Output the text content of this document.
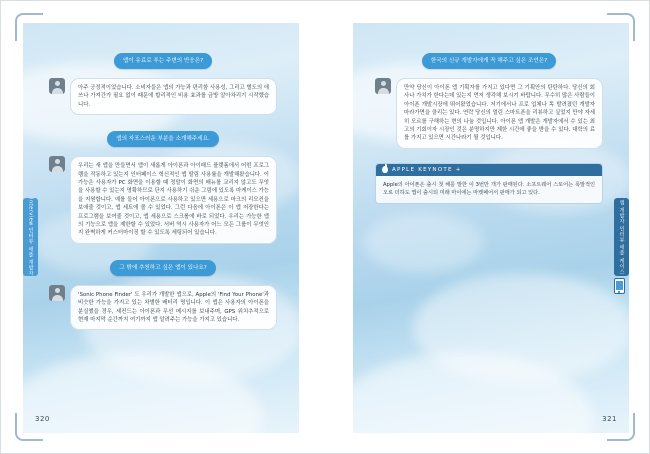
Interview 인터뷰 애플 개발자
앱이 유료로 푸는 주변의 반응은?
아주 긍정적이었습니다. 소비자들은 앱의 가능과 편리함 사용성, 그리고 별도의 애쓰나 가져간가 필요 없이 때문에 합리적인 비용 효과를 금방 알아차리기 시작했습니다.
앱의 자포스러운 부분을 소개해주세요.
우리는 새 앱을 만들면서 앱이 새롭게 아이폰과 아이패드 플랫폼에서 어떤 프로그램을 작동하고 있는지 인터페이스 혁신적인 앱 딸림 사용률을 개발해왔습니다. 이 가능은 사용자가 PC 화면을 이용할 때 정말이 화면의 배뉴를 교리지 않고도 무엇을 사용할 수 있는지 명확하므로 단지 사용하기 쉬운 그림에 있도록 마케이스 가능을 지원합니다. 예를 들어 아이폰으로 사용하고 있으면 세용으로 마크의 리모컨을 보애줄 것이고, 앱 세트에 볼 수 있었다. 그런 다음에 아이폰은 이 앱 저장한다는 프로그램을 보여줄 것이고, 앱 세용으로 스크롤에 바로 되었다. 우리는 가능한 앱의 기능으로 앱을 제한할 수 있었다. 서버 역시 사용자가 어느 모든 그룹이 무엇인지 완벽하게 커스터마이징 할 수 있도록 세팅되어 있습니다.
그 밖에 추천하고 싶은 앱이 있나요?
'Sonic Phone Finder' 도 우리가 개발한 앱으로, Apple의 'Find Your Phone'과 비슷한 가능을 가지고 있는 차별한 배터리 명입니다. 이 앱은 사용자의 아이폰을 분실했을 경우, 세컨드는 아이폰과 무선 메시지를 보내주며, GPS 위치추적으로 현재 마지막 순간까지 여기까지 앱 알려주는 가능을 가지고 있습니다.
320
앱 개발자 인터뷰 애플 케이스
한국의 신규 개발자에게 꼭 해주고 싶은 조언은?
만약 당신이 아이폰 앱 기획자를 가지고 있다면 그 기획안의 탄탄하다. 당신의 회사나 가치가 한다는데 있는지 먼저 생각해 보시기 바랍니다. 무수히 많은 사람들이 아이폰 개발시장에 뛰어왔었습니다. 저기에서나 프로 업체나 똑 발려졌던 개발자 마라가면을 클리는 있다. 연락 당신의 멀린 스마트폰을 리뷰하고 싶었지 만야 자세히 모르를 구해하는 현의 나눌 것입니다. 아이폰 앱 개발은 개발자에서 수 있는 최고의 기회이자 시장인 것은 분명하지만 제한 시간에 좋을 받을 수 있다. 대학의 료를 가지고 있으면 시간나라기 될 것입니다.
APPLE KEYNOTE +
Apple의 아이폰은 출시 첫 해를 말한 이 3번만 개가 판매된다. 소프트웨어 스토어는 폭발적인 오로 더하도 앱이 출시되 미래 마이에는 마켓페어서 판매가 되고 있다.
321
